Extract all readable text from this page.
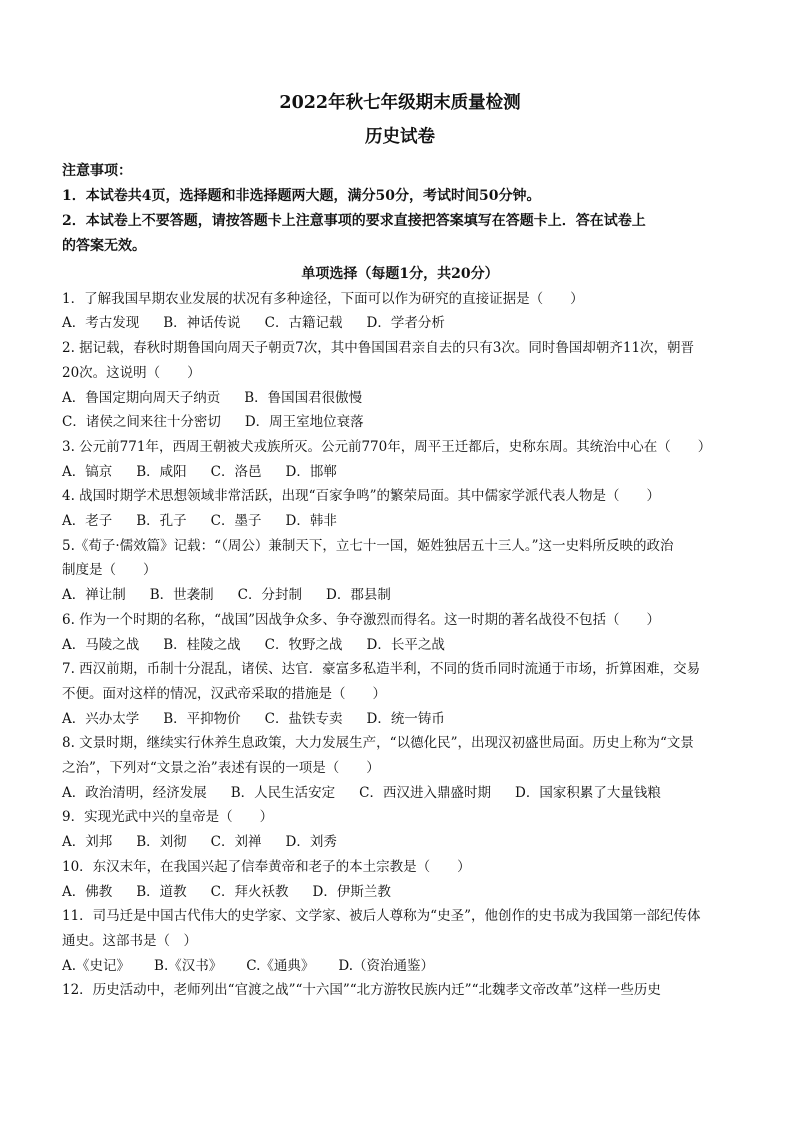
2022年秋七年级期末质量检测
历史试卷
注意事项：
1．本试卷共4页，选择题和非选择题两大题，满分50分，考试时间50分钟。
2．本试卷上不要答题，请按答题卡上注意事项的要求直接把答案填写在答题卡上．答在试卷上
的答案无效。
单项选择（每题1分，共20分）
1．了解我国早期农业发展的状况有多种途径，下面可以作为研究的直接证据是（　　）
A．考古发现 B．神话传说 C．古籍记载 D．学者分析
2. 据记载，春秋时期鲁国向周天子朝贡7次，其中鲁国国君亲自去的只有3次。同时鲁国却朝齐11次，朝晋
20次。这说明（　　）
A．鲁国定期向周天子纳贡 B．鲁国国君很傲慢
C．诸侯之间来往十分密切 D．周王室地位衰落
3. 公元前771年，西周王朝被犬戎族所灭。公元前770年，周平王迁都后，史称东周。其统治中心在（　　）
A．镐京 B．咸阳 C．洛邑 D．邯郸
4. 战国时期学术思想领域非常活跃，出现“百家争鸣”的繁荣局面。其中儒家学派代表人物是（　　）
A．老子 B．孔子 C．墨子 D．韩非
5.《荀子·儒效篇》记载：“（周公）兼制天下，立七十一国，姬姓独居五十三人。”这一史料所反映的政治
制度是（　　）
A．禅让制 B．世袭制 C．分封制 D．郡县制
6. 作为一个时期的名称，“战国”因战争众多、争夺激烈而得名。这一时期的著名战役不包括（　　）
A．马陵之战 B．桂陵之战 C．牧野之战 D．长平之战
7. 西汉前期，币制十分混乱，诸侯、达官．豪富多私造半利，不同的货币同时流通于市场，折算困难，交易
不便。面对这样的情况，汉武帝采取的措施是（　　）
A．兴办太学 B．平抑物价 C．盐铁专卖 D．统一铸币
8. 文景时期，继续实行休养生息政策，大力发展生产，“以德化民”，出现汉初盛世局面。历史上称为“文景
之治”，下列对“文景之治”表述有误的一项是（　　）
A．政治清明，经济发展 B．人民生活安定 C．西汉进入鼎盛时期 D．国家积累了大量钱粮
9．实现光武中兴的皇帝是（　　）
A．刘邦 B．刘彻 C．刘禅 D．刘秀
10．东汉末年，在我国兴起了信奉黄帝和老子的本土宗教是（　　）
A．佛教 B．道教 C．拜火袄教 D．伊斯兰教
11．司马迁是中国古代伟大的史学家、文学家、被后人尊称为“史圣”，他创作的史书成为我国第一部纪传体
通史。这部书是（　）
A.《史记》 B.《汉书》 C.《通典》 D.（资治通鉴）
12．历史活动中，老师列出“官渡之战”“十六国”“北方游牧民族内迁”“北魏孝文帝改革”这样一些历史
